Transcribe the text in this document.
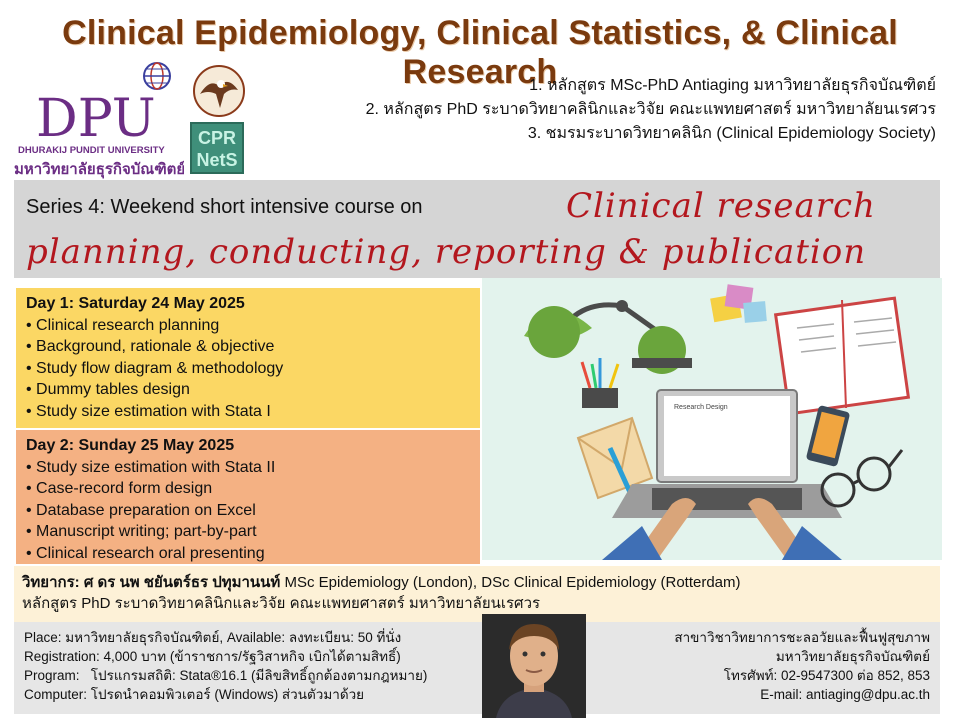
Clinical Epidemiology, Clinical Statistics, & Clinical Research
DPU
DHURAKIJ PUNDIT UNIVERSITY
มหาวิทยาลัยธุรกิจบัณฑิตย์
CPR
NetS
1. หลักสูตร MSc-PhD Antiaging มหาวิทยาลัยธุรกิจบัณฑิตย์
2. หลักสูตร PhD ระบาดวิทยาคลินิกและวิจัย คณะแพทยศาสตร์ มหาวิทยาลัยนเรศวร
3. ชมรมระบาดวิทยาคลินิก (Clinical Epidemiology Society)
Series 4: Weekend short intensive course on	Clinical research
planning, conducting, reporting & publication
Day 1: Saturday 24 May 2025
• Clinical research planning
• Background, rationale & objective
• Study flow diagram & methodology
• Dummy tables design
• Study size estimation with Stata I
Day 2: Sunday 25 May 2025
• Study size estimation with Stata II
• Case-record form design
• Database preparation on Excel
• Manuscript writing; part-by-part
• Clinical research oral presenting
Research Design
วิทยากร: ศ ดร นพ ชยันตร์ธร ปทุมานนท์ MSc Epidemiology (London), DSc Clinical Epidemiology (Rotterdam)
หลักสูตร PhD ระบาดวิทยาคลินิกและวิจัย คณะแพทยศาสตร์ มหาวิทยาลัยนเรศวร
Place: มหาวิทยาลัยธุรกิจบัณฑิตย์, Available: ลงทะเบียน: 50 ที่นั่ง
Registration: 4,000 บาท (ข้าราชการ/รัฐวิสาหกิจ เบิกได้ตามสิทธิ์)
Program:   โปรแกรมสถิติ: Stata®16.1 (มีลิขสิทธิ์ถูกต้องตามกฎหมาย)
Computer: โปรดนำคอมพิวเตอร์ (Windows) ส่วนตัวมาด้วย
สาขาวิชาวิทยาการชะลอวัยและฟื้นฟูสุขภาพ
มหาวิทยาลัยธุรกิจบัณฑิตย์
โทรศัพท์: 02-9547300 ต่อ 852, 853
E-mail: antiaging@dpu.ac.th
